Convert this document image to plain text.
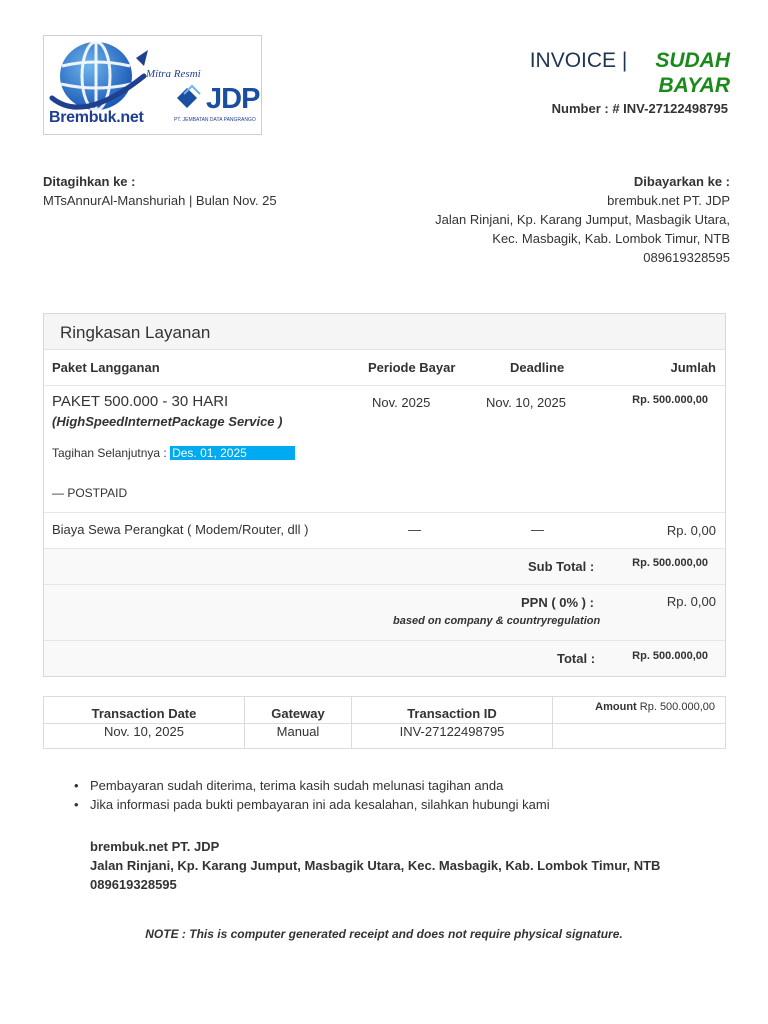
Mitra Resmi
JDP
PT. JEMBATAN DATA PANGRANGO
Brembuk.net
INVOICE | SUDAH
BAYAR
Number : # INV-27122498795
Ditagihkan ke :
MTsAnnurAl-Manshuriah | Bulan Nov. 25
Dibayarkan ke :
brembuk.net PT. JDP
Jalan Rinjani, Kp. Karang Jumput, Masbagik Utara,
Kec. Masbagik, Kab. Lombok Timur, NTB
089619328595
Ringkasan Layanan
Paket Langganan	Periode Bayar	Deadline	Jumlah
PAKET 500.000 - 30 HARI
(HighSpeedInternetPackage Service )
Tagihan Selanjutnya : Des. 01, 2025
— POSTPAID
Nov. 2025	Nov. 10, 2025	Rp. 500.000,00
Biaya Sewa Perangkat ( Modem/Router, dll )	—	—	Rp. 0,00
Sub Total :	Rp. 500.000,00
PPN ( 0% ) :	Rp. 0,00
based on company & countryregulation
Total :	Rp. 500.000,00
Transaction Date	Gateway	Transaction ID	Amount Rp. 500.000,00
Nov. 10, 2025	Manual	INV-27122498795	
• Pembayaran sudah diterima, terima kasih sudah melunasi tagihan anda
• Jika informasi pada bukti pembayaran ini ada kesalahan, silahkan hubungi kami
brembuk.net PT. JDP
Jalan Rinjani, Kp. Karang Jumput, Masbagik Utara, Kec. Masbagik, Kab. Lombok Timur, NTB
089619328595
NOTE : This is computer generated receipt and does not require physical signature.
